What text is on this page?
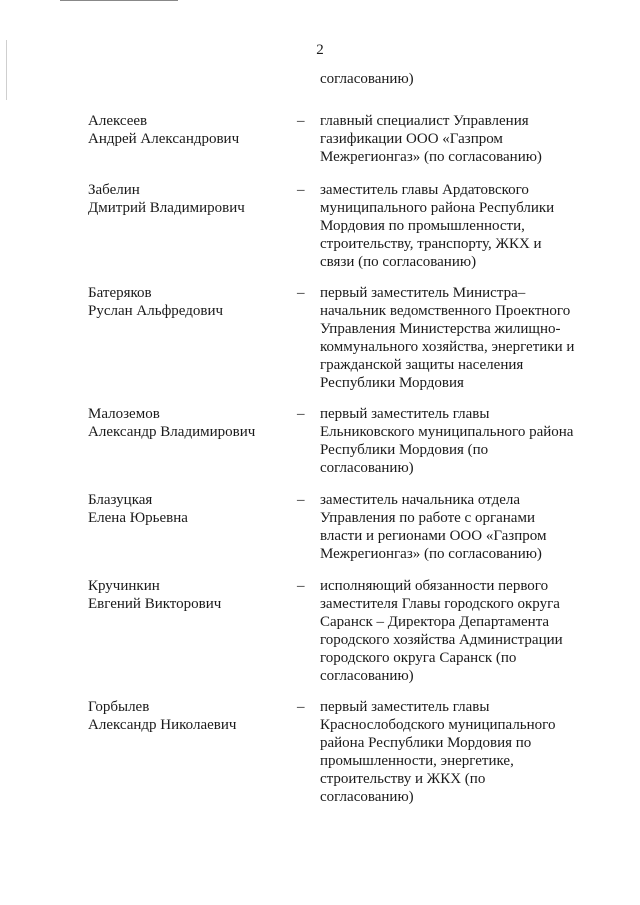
2
согласованию)
Алексеев
Андрей Александрович
– главный специалист Управления
газификации ООО «Газпром
Межрегионгаз» (по согласованию)
Забелин
Дмитрий Владимирович
– заместитель главы Ардатовского
муниципального района Республики
Мордовия по промышленности,
строительству, транспорту, ЖКХ и
связи (по согласованию)
Батеряков
Руслан Альфредович
– первый заместитель Министра–
начальник ведомственного Проектного
Управления Министерства жилищно-
коммунального хозяйства, энергетики и
гражданской защиты населения
Республики Мордовия
Малоземов
Александр Владимирович
– первый заместитель главы
Ельниковского муниципального района
Республики Мордовия (по
согласованию)
Блазуцкая
Елена Юрьевна
– заместитель начальника отдела
Управления по работе с органами
власти и регионами ООО «Газпром
Межрегионгаз» (по согласованию)
Кручинкин
Евгений Викторович
– исполняющий обязанности первого
заместителя Главы городского округа
Саранск – Директора Департамента
городского хозяйства Администрации
городского округа Саранск (по
согласованию)
Горбылев
Александр Николаевич
– первый заместитель главы
Краснослободского муниципального
района Республики Мордовия по
промышленности, энергетике,
строительству и ЖКХ (по
согласованию)
